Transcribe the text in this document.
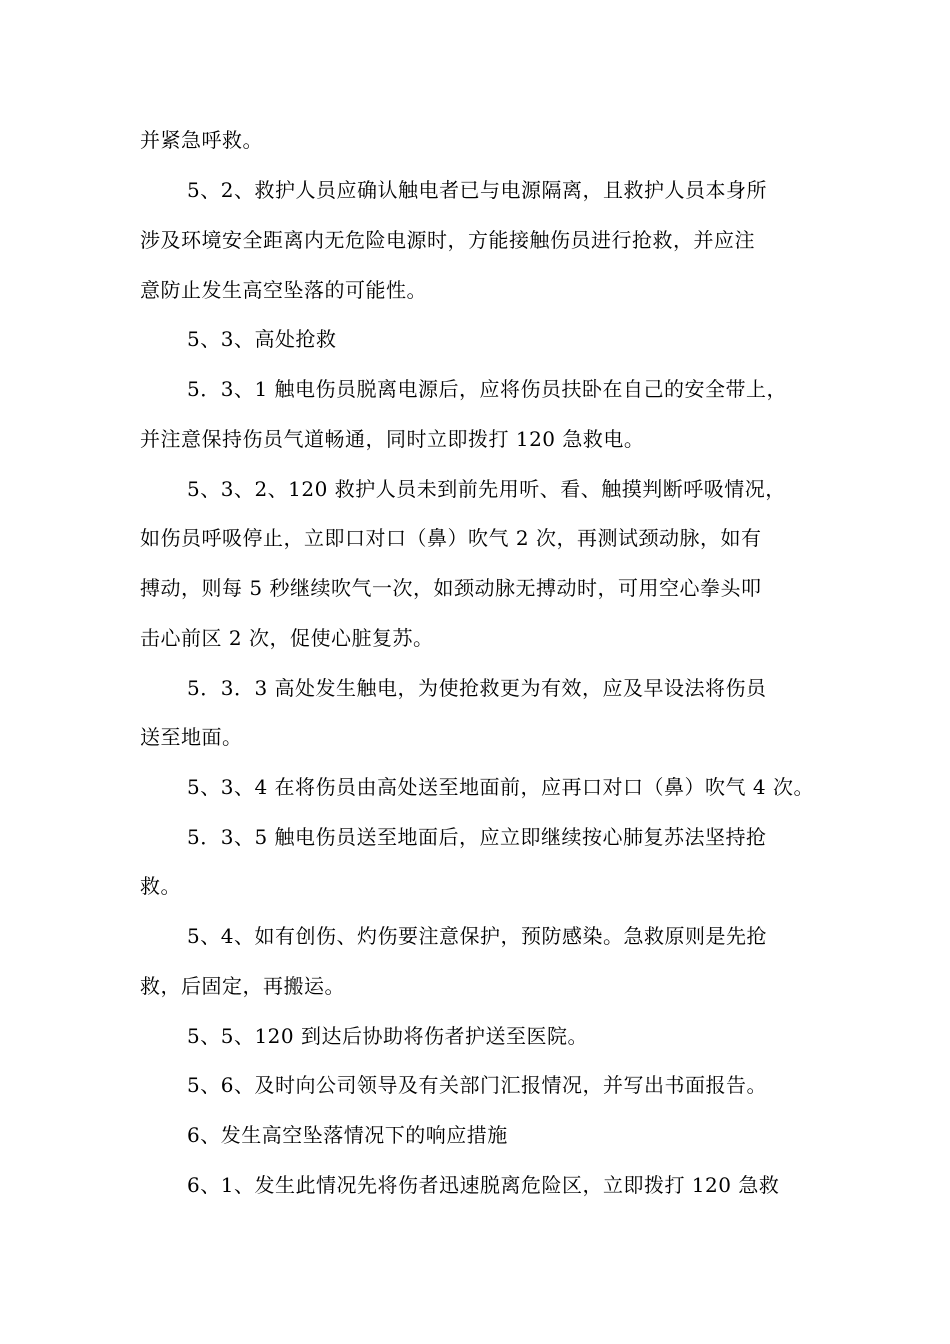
并紧急呼救。
5、2、救护人员应确认触电者已与电源隔离，且救护人员本身所
涉及环境安全距离内无危险电源时，方能接触伤员进行抢救，并应注
意防止发生高空坠落的可能性。
5、3、高处抢救
5．3、1 触电伤员脱离电源后，应将伤员扶卧在自己的安全带上，
并注意保持伤员气道畅通，同时立即拨打 120 急救电。
5、3、2、120 救护人员未到前先用听、看、触摸判断呼吸情况，
如伤员呼吸停止，立即口对口（鼻）吹气 2 次，再测试颈动脉，如有
搏动，则每 5 秒继续吹气一次，如颈动脉无搏动时，可用空心拳头叩
击心前区 2 次，促使心脏复苏。
5．3．3 高处发生触电，为使抢救更为有效，应及早设法将伤员
送至地面。
5、3、4 在将伤员由高处送至地面前，应再口对口（鼻）吹气 4 次。
5．3、5 触电伤员送至地面后，应立即继续按心肺复苏法坚持抢
救。
5、4、如有创伤、灼伤要注意保护，预防感染。急救原则是先抢
救，后固定，再搬运。
5、5、120 到达后协助将伤者护送至医院。
5、6、及时向公司领导及有关部门汇报情况，并写出书面报告。
6、发生高空坠落情况下的响应措施
6、1、发生此情况先将伤者迅速脱离危险区，立即拨打 120 急救
